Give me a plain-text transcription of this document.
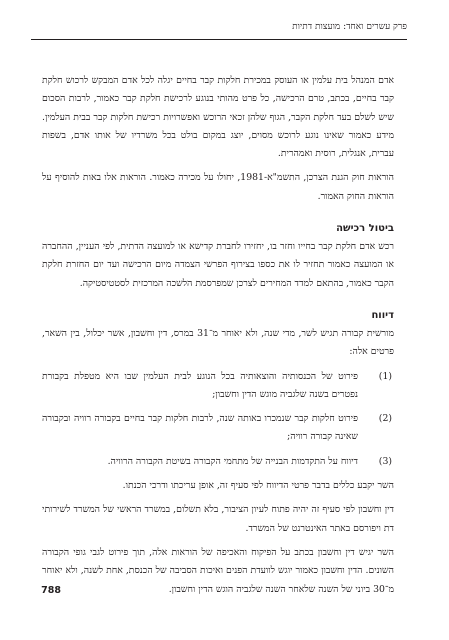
פרק עשרים ואחד: מועצות דתיות

אדם המנהל בית עלמין או העוסק במכירת חלקות קבר בחיים יגלה לכל אדם המבקש לרכוש חלקת קבר בחיים, בכתב, טרם הרכישה, כל פרט מהותי בנוגע לרכישת חלקת קבר כאמור, לרבות הסכום שיש לשלם בעד חלקת הקבר, הגוף שלהן זכאי הרוכש ואפשרויות רכישת חלקות קבר בבית העלמין. מידע כאמור שאינו נוגע לרוכש מסוים, יוצג במקום בולט בכל משרדיו של אותו אדם, בשפות עברית, אנגלית, רוסית ואמהרית.

הוראות חוק הגנת הצרכן, התשמ"א-1981, יחולו על מכירה כאמור. הוראות אלו באות להוסיף על הוראות החוק האמור.

ביטול רכישה

רכש אדם חלקת קבר בחייו וחזר בו, יחזירו לחברת קדישא או למועצה הדתית, לפי העניין, ההחברה או המועצה כאמור תחזיר לו את כספו בצירוף הפרשי הצמדה מיום הרכישה ועד יום החזרת חלקת הקבר כאמור, בהתאם למדד המחירים לצרכן שמפרסמת הלשכה המרכזית לסטטיסטיקה.

דיווח

מורשית קבורה תגיש לשר, מדי שנה, ולא יאוחר מ־31 במרס, דין וחשבון, אשר יכלול, בין השאר, פרטים אלה:

(1)
פירוט של הכנסותיה והוצאותיה בכל הנוגע לבית העלמין שבו היא מטפלת בקבורת נפטרים בשנה שלגביה מוגש הדין וחשבון;
(2)
פירוט חלקות קבר שנמכרו באותה שנה, לרבות חלקות קבר בחיים בקבורה רוויה ובקבורה שאינה קבורה רוויה;
(3)
דיווח על התקדמות הבנייה של מתחמי הקבורה בשיטת הקבורה הרוויה.

השר יקבע כללים בדבר פרטי הדיווח לפי סעיף זה, אופן עריכתו ודרכי הכנתו.

דין וחשבון לפי סעיף זה יהיה פתוח לעיון הציבור, בלא תשלום, במשרד הראשי של המשרד לשירותי דת ויפורסם באתר האינטרנט של המשרד.

השר יגיש דין וחשבון בכתב על הפיקוח והאכיפה של הוראות אלה, תוך פירוט לגבי גופי הקבורה השונים. הדין וחשבון כאמור יוגש לוועדת הפנים ואיכות הסביבה של הכנסת, אחת לשנה, ולא יאוחר מ־30 ביוני של השנה שלאחר השנה שלגביה הוגש הדין וחשבון.

788
